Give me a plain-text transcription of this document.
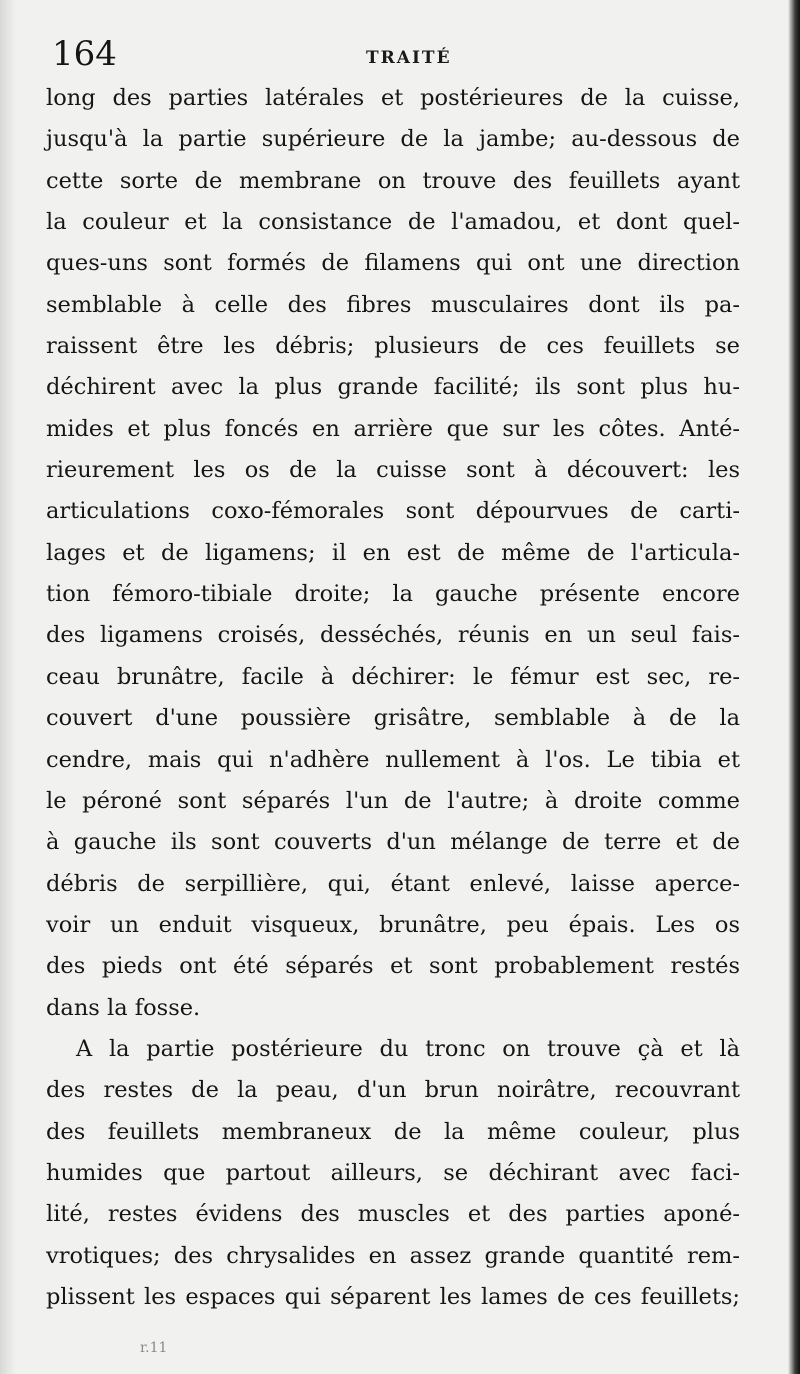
164	TRAITÉ
long des parties latérales et postérieures de la cuisse,
jusqu'à la partie supérieure de la jambe; au-dessous de
cette sorte de membrane on trouve des feuillets ayant
la couleur et la consistance de l'amadou, et dont quel-
ques-uns sont formés de filamens qui ont une direction
semblable à celle des fibres musculaires dont ils pa-
raissent être les débris; plusieurs de ces feuillets se
déchirent avec la plus grande facilité; ils sont plus hu-
mides et plus foncés en arrière que sur les côtes. Anté-
rieurement les os de la cuisse sont à découvert: les
articulations coxo-fémorales sont dépourvues de carti-
lages et de ligamens; il en est de même de l'articula-
tion fémoro-tibiale droite; la gauche présente encore
des ligamens croisés, desséchés, réunis en un seul fais-
ceau brunâtre, facile à déchirer: le fémur est sec, re-
couvert d'une poussière grisâtre, semblable à de la
cendre, mais qui n'adhère nullement à l'os. Le tibia et
le péroné sont séparés l'un de l'autre; à droite comme
à gauche ils sont couverts d'un mélange de terre et de
débris de serpillière, qui, étant enlevé, laisse aperce-
voir un enduit visqueux, brunâtre, peu épais. Les os
des pieds ont été séparés et sont probablement restés
dans la fosse.
A la partie postérieure du tronc on trouve çà et là
des restes de la peau, d'un brun noirâtre, recouvrant
des feuillets membraneux de la même couleur, plus
humides que partout ailleurs, se déchirant avec faci-
lité, restes évidens des muscles et des parties aponé-
vrotiques; des chrysalides en assez grande quantité rem-
plissent les espaces qui séparent les lames de ces feuillets;
r.11
